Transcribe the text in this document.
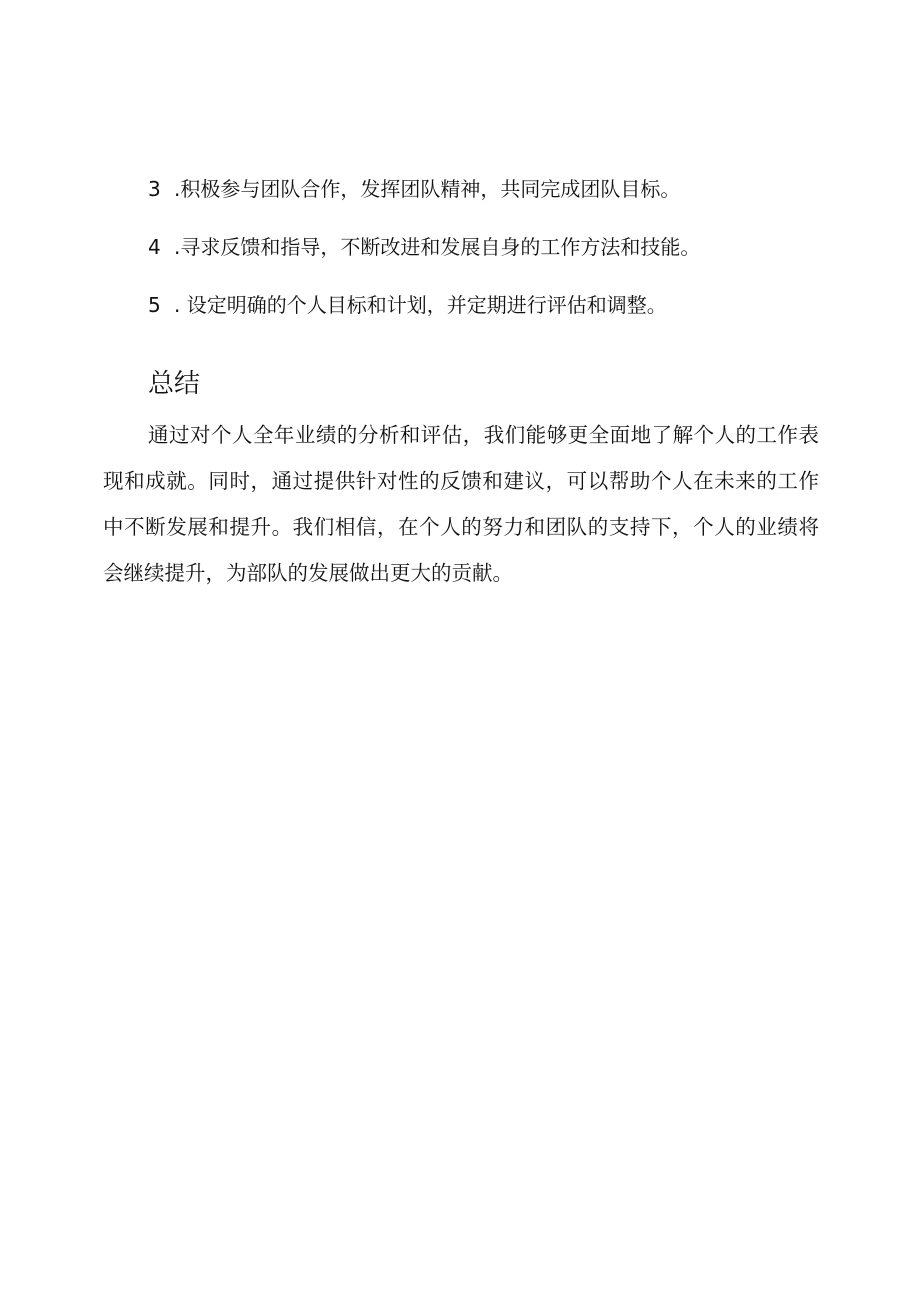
3 .积极参与团队合作，发挥团队精神，共同完成团队目标。
4 .寻求反馈和指导，不断改进和发展自身的工作方法和技能。
5 . 设定明确的个人目标和计划，并定期进行评估和调整。
总结

通过对个人全年业绩的分析和评估，我们能够更全面地了解个人的工作表现和成就。同时，通过提供针对性的反馈和建议，可以帮助个人在未来的工作中不断发展和提升。我们相信，在个人的努力和团队的支持下，个人的业绩将会继续提升，为部队的发展做出更大的贡献。
